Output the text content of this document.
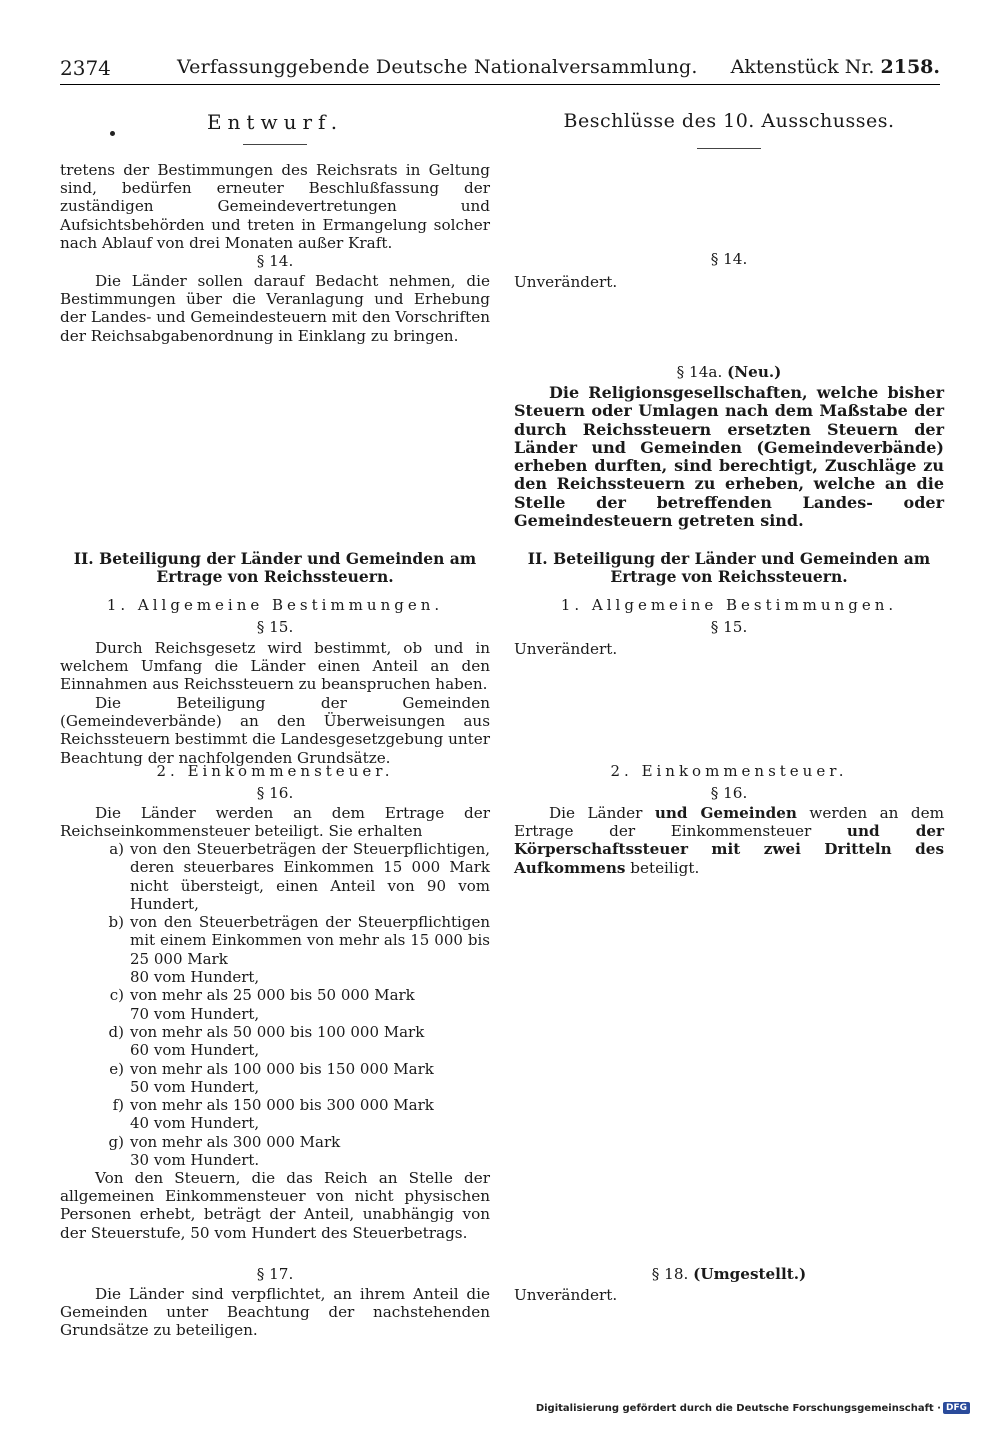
2374	Verfassunggebende Deutsche Nationalversammlung. Aktenstück Nr. 2158.
Entwurf.
tretens der Bestimmungen des Reichsrats in Geltung sind, bedürfen erneuter Beschlußfassung der zuständigen Gemeindevertretungen und Aufsichtsbehörden und treten in Ermangelung solcher nach Ablauf von drei Monaten außer Kraft.
§ 14.
Die Länder sollen darauf Bedacht nehmen, die Bestimmungen über die Veranlagung und Erhebung der Landes- und Gemeindesteuern mit den Vorschriften der Reichsabgabenordnung in Einklang zu bringen.
II. Beteiligung der Länder und Gemeinden am Ertrage von Reichssteuern.
1. Allgemeine Bestimmungen.
§ 15.
Durch Reichsgesetz wird bestimmt, ob und in welchem Umfang die Länder einen Anteil an den Einnahmen aus Reichssteuern zu beanspruchen haben.
Die Beteiligung der Gemeinden (Gemeindeverbände) an den Überweisungen aus Reichssteuern bestimmt die Landesgesetzgebung unter Beachtung der nachfolgenden Grundsätze.
2. Einkommensteuer.
§ 16.
Die Länder werden an dem Ertrage der Reichseinkommensteuer beteiligt. Sie erhalten
a) von den Steuerbeträgen der Steuerpflichtigen, deren steuerbares Einkommen 15 000 Mark nicht übersteigt, einen Anteil von 90 vom Hundert,
b) von den Steuerbeträgen der Steuerpflichtigen mit einem Einkommen von mehr als 15 000 bis 25 000 Mark
80 vom Hundert,
c) von mehr als 25 000 bis 50 000 Mark
70 vom Hundert,
d) von mehr als 50 000 bis 100 000 Mark
60 vom Hundert,
e) von mehr als 100 000 bis 150 000 Mark
50 vom Hundert,
f) von mehr als 150 000 bis 300 000 Mark
40 vom Hundert,
g) von mehr als 300 000 Mark
30 vom Hundert.
Von den Steuern, die das Reich an Stelle der allgemeinen Einkommensteuer von nicht physischen Personen erhebt, beträgt der Anteil, unabhängig von der Steuerstufe, 50 vom Hundert des Steuerbetrags.
§ 17.
Die Länder sind verpflichtet, an ihrem Anteil die Gemeinden unter Beachtung der nachstehenden Grundsätze zu beteiligen.
Beschlüsse des 10. Ausschusses.
§ 14.
Unverändert.
§ 14a. (Neu.)
Die Religionsgesellschaften, welche bisher Steuern oder Umlagen nach dem Maßstabe der durch Reichssteuern ersetzten Steuern der Länder und Gemeinden (Gemeindeverbände) erheben durften, sind berechtigt, Zuschläge zu den Reichssteuern zu erheben, welche an die Stelle der betreffenden Landes- oder Gemeindesteuern getreten sind.
II. Beteiligung der Länder und Gemeinden am Ertrage von Reichssteuern.
1. Allgemeine Bestimmungen.
§ 15.
Unverändert.
2. Einkommensteuer.
§ 16.
Die Länder und Gemeinden werden an dem Ertrage der Einkommensteuer und der Körperschaftssteuer mit zwei Dritteln des Aufkommens beteiligt.
§ 18. (Umgestellt.)
Unverändert.
Digitalisierung gefördert durch die Deutsche Forschungsgemeinschaft · DFG
